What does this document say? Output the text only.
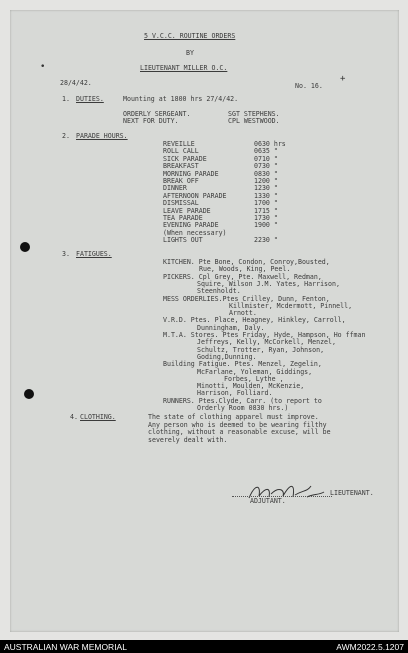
•
+
5 V.C.C. ROUTINE ORDERS
BY
LIEUTENANT MILLER O.C.
28/4/42.	No. 16.
1. DUTIES.	Mounting at 1800 hrs 27/4/42.
ORDERLY SERGEANT.	SGT STEPHENS.
NEXT FOR DUTY.	CPL WESTWOOD.
2. PARADE HOURS.
REVEILLE	0630 hrs
ROLL CALL	0635 "
SICK PARADE	0710 "
BREAKFAST	0730 "
MORNING PARADE	0830 "
BREAK OFF	1200 "
DINNER	1230 "
AFTERNOON PARADE	1330 "
DISMISSAL	1700 "
LEAVE PARADE	1715 "
TEA PARADE	1730 "
EVENING PARADE	1900 "
(When necessary)
LIGHTS OUT	2230 "
3. FATIGUES.
KITCHEN. Pte Bone, Condon, Conroy,Bousted,
Rue, Woods, King, Peel.
PICKERS. Cpl Grey, Pte. Maxwell, Redman,
Squire, Wilson J.M. Yates, Harrison,
Steenholdt.
MESS ORDERLIES.Ptes Crilley, Dunn, Fenton,
Killmister, Mcdermott, Pinnell,
Arnott.
V.R.D. Ptes. Place, Heagney, Hinkley, Carroll,
Dunningham, Daly.
M.T.A. Stores. Ptes Friday, Hyde, Hampson, Ho ffman
Jeffreys, Kelly, McCorkell, Menzel,
Schultz, Trotter, Ryan, Johnson,
Goding,Dunning.
Building Fatigue. Ptes. Menzel, Zegelin,
McFarlane, Yoleman, Giddings,
Forbes, Lythe ,
Minotti, Moulden, McKenzie,
Harrison, Folliard.
RUNNERS. Ptes.Clyde, Carr. (to report to
Orderly Room 0830 hrs.)
4. CLOTHING.	The state of clothing apparel must improve.
Any person who is deemed to be wearing filthy
clothing, without a reasonable excuse, will be
severely dealt with.
LIEUTENANT.
ADJUTANT.
AUSTRALIAN WAR MEMORIAL	AWM2022.5.1207
